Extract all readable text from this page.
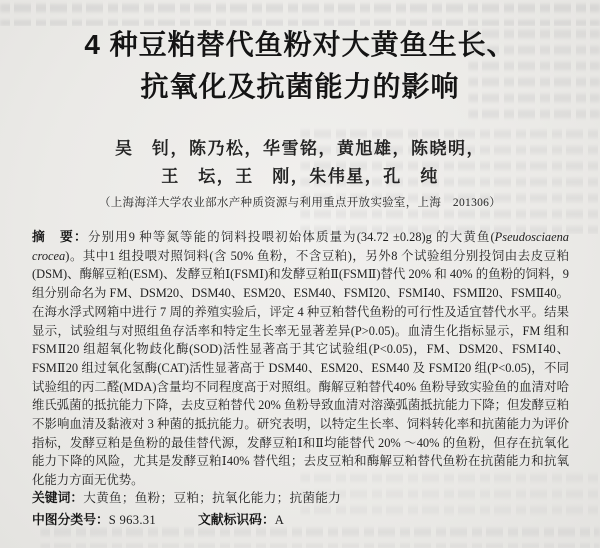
4 种豆粕替代鱼粉对大黄鱼生长、
抗氧化及抗菌能力的影响
吴　钊，陈乃松，华雪铭，黄旭雄，陈晓明，
王　坛，王　刚，朱伟星，孔　纯
（上海海洋大学农业部水产种质资源与利用重点开放实验室，上海　201306）

摘　要：分别用9 种等氮等能的饲料投喂初始体质量为(34.72 ±0.28)g 的大黄鱼(Pseudosciaena crocea)。其中1 组投喂对照饲料(含 50% 鱼粉，不含豆粕)，另外8 个试验组分别投饲由去皮豆粕(DSM)、酶解豆粕(ESM)、发酵豆粕Ⅰ(FSMⅠ)和发酵豆粕Ⅱ(FSMⅡ)替代 20% 和 40% 的鱼粉的饲料，9 组分别命名为 FM、DSM20、DSM40、ESM20、ESM40、FSMⅠ20、FSMⅠ40、FSMⅡ20、FSMⅡ40。在海水浮式网箱中进行 7 周的养殖实验后，评定 4 种豆粕替代鱼粉的可行性及适宜替代水平。结果显示，试验组与对照组鱼存活率和特定生长率无显著差异(P>0.05)。血清生化指标显示，FM 组和 FSMⅡ20 组超氧化物歧化酶(SOD)活性显著高于其它试验组(P<0.05)，FM、DSM20、FSMⅠ40、FSMⅡ20 组过氧化氢酶(CAT)活性显著高于 DSM40、ESM20、ESM40 及 FSMⅠ20 组(P<0.05)，不同试验组的丙二醛(MDA)含量均不同程度高于对照组。酶解豆粕替代40% 鱼粉导致实验鱼的血清对哈维氏弧菌的抵抗能力下降，去皮豆粕替代 20% 鱼粉导致血清对溶藻弧菌抵抗能力下降；但发酵豆粕不影响血清及黏液对 3 种菌的抵抗能力。研究表明，以特定生长率、饲料转化率和抗菌能力为评价指标，发酵豆粕是鱼粉的最佳替代源，发酵豆粕Ⅰ和Ⅱ均能替代 20% ～40% 的鱼粉，但存在抗氧化能力下降的风险，尤其是发酵豆粕Ⅰ40% 替代组；去皮豆粕和酶解豆粕替代鱼粉在抗菌能力和抗氧化能力方面无优势。

关键词：大黄鱼；鱼粉；豆粕；抗氧化能力；抗菌能力
中图分类号：S 963.31	文献标识码：A
